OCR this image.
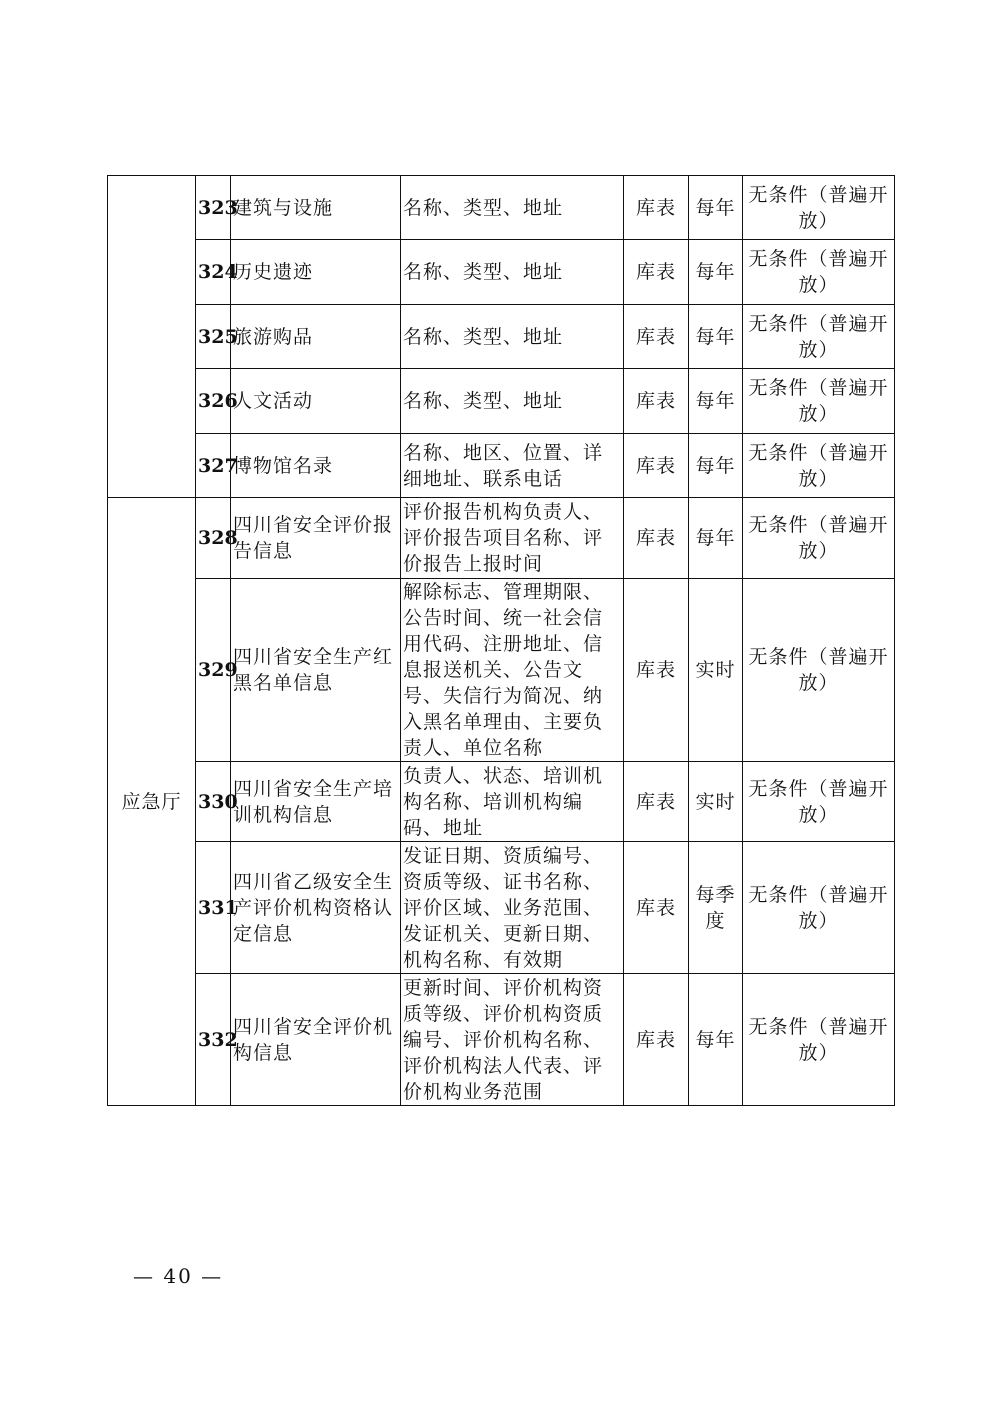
	323	建筑与设施	名称、类型、地址	库表	每年	无条件（普遍开放）
	324	历史遗迹	名称、类型、地址	库表	每年	无条件（普遍开放）
	325	旅游购品	名称、类型、地址	库表	每年	无条件（普遍开放）
	326	人文活动	名称、类型、地址	库表	每年	无条件（普遍开放）
	327	博物馆名录	名称、地区、位置、详细地址、联系电话	库表	每年	无条件（普遍开放）
应急厅	328	四川省安全评价报告信息	评价报告机构负责人、评价报告项目名称、评价报告上报时间	库表	每年	无条件（普遍开放）
	329	四川省安全生产红黑名单信息	解除标志、管理期限、公告时间、统一社会信用代码、注册地址、信息报送机关、公告文号、失信行为简况、纳入黑名单理由、主要负责人、单位名称	库表	实时	无条件（普遍开放）
	330	四川省安全生产培训机构信息	负责人、状态、培训机构名称、培训机构编码、地址	库表	实时	无条件（普遍开放）
	331	四川省乙级安全生产评价机构资格认定信息	发证日期、资质编号、资质等级、证书名称、评价区域、业务范围、发证机关、更新日期、机构名称、有效期	库表	每季度	无条件（普遍开放）
	332	四川省安全评价机构信息	更新时间、评价机构资质等级、评价机构资质编号、评价机构名称、评价机构法人代表、评价机构业务范围	库表	每年	无条件（普遍开放）
— 40 —
